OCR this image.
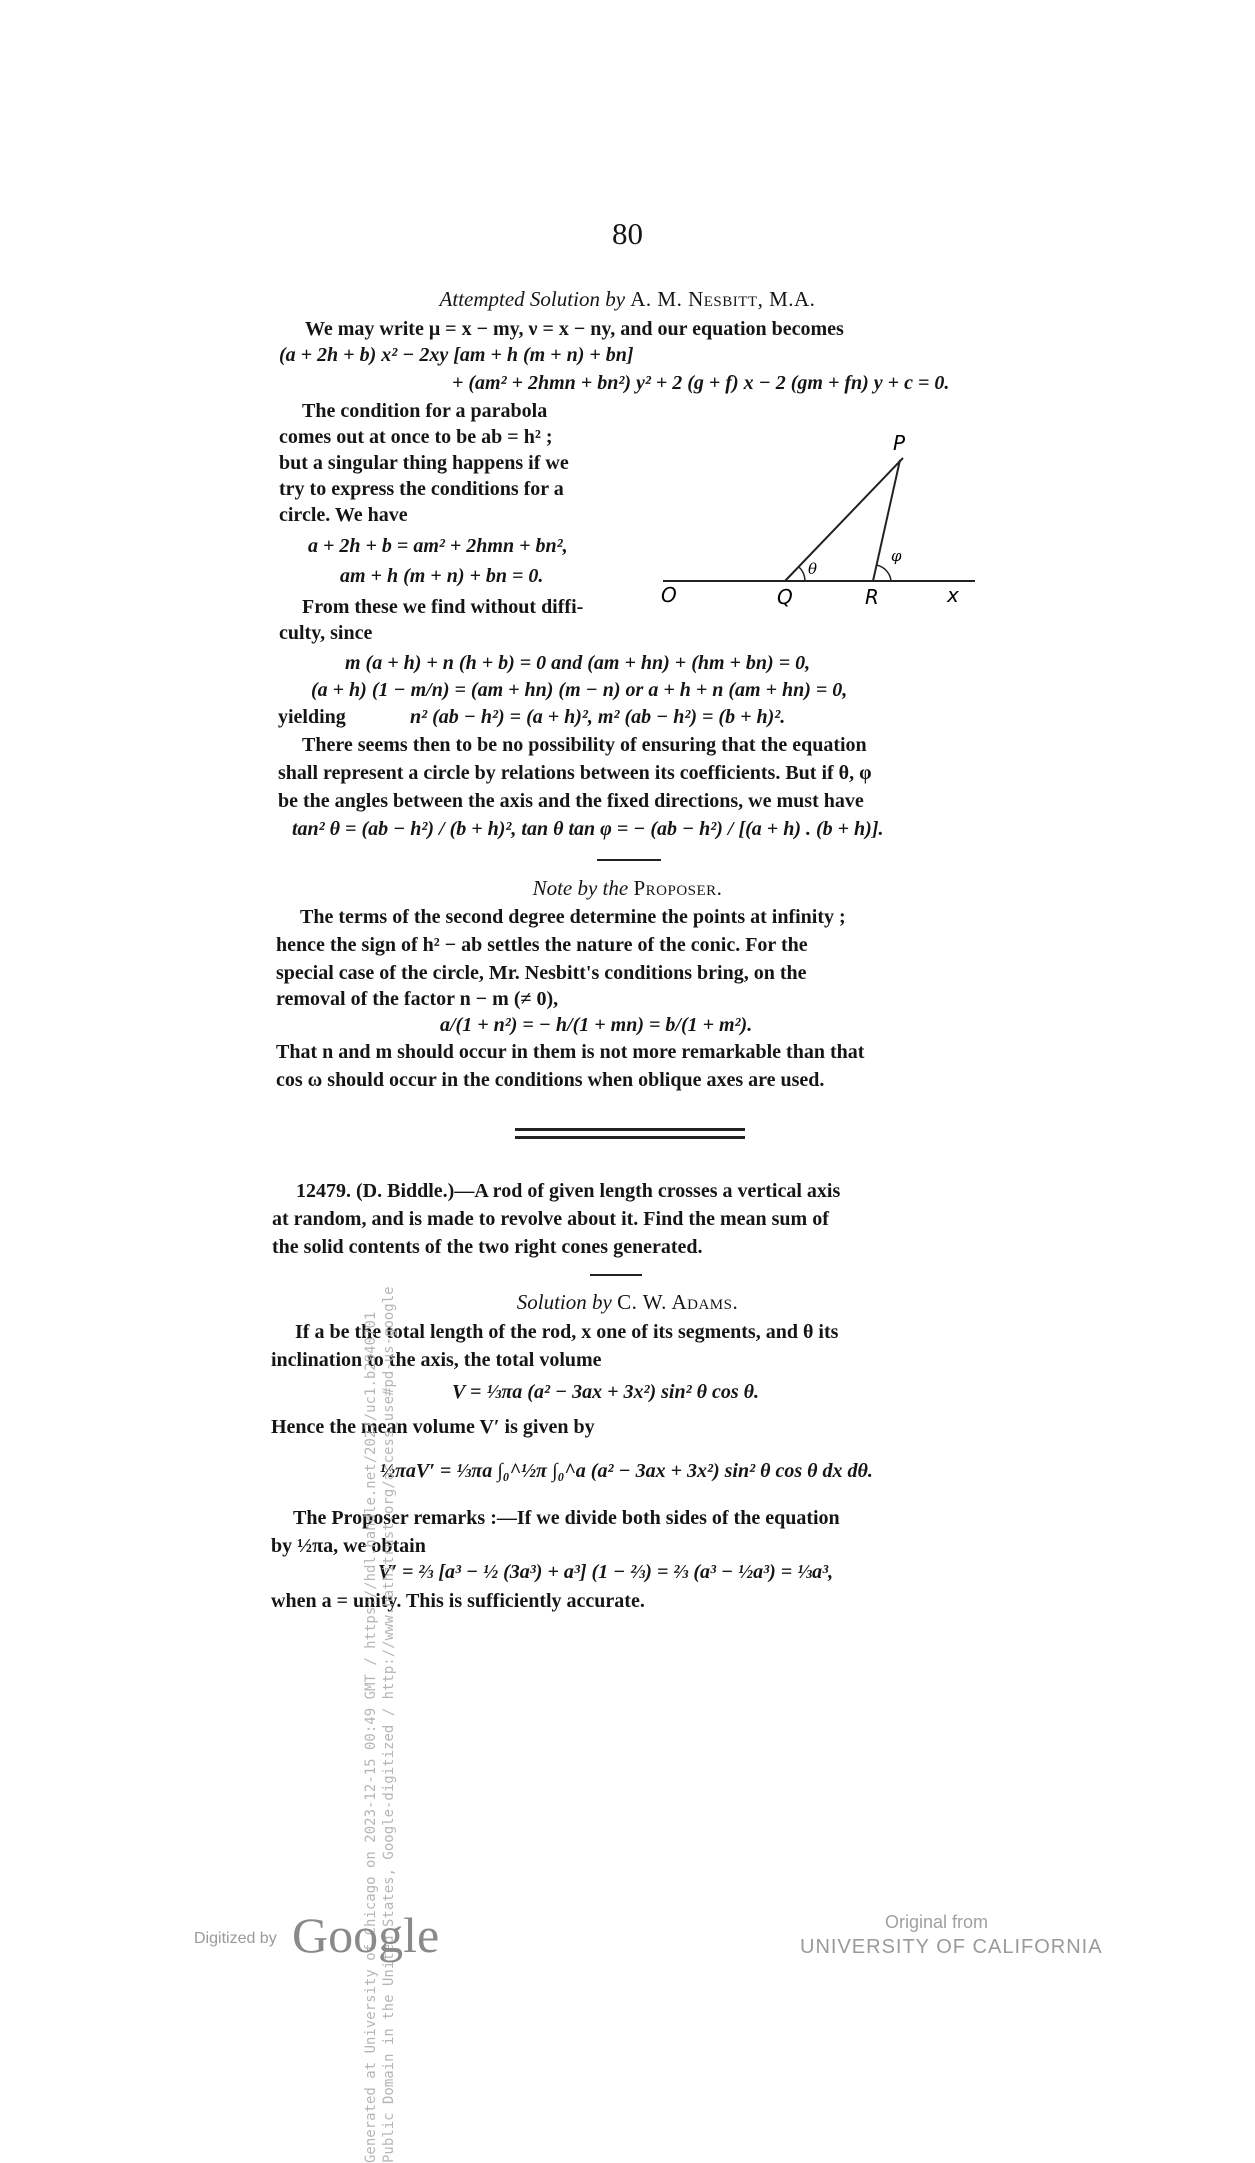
80
Attempted Solution by A. M. Nesbitt, M.A.
We may write μ = x − my, ν = x − ny, and our equation becomes
(a + 2h + b) x² − 2xy [am + h (m + n) + bn]
+ (am² + 2hmn + bn²) y² + 2 (g + f) x − 2 (gm + fn) y + c = 0.
The condition for a parabola
comes out at once to be ab = h² ;
but a singular thing happens if we
try to express the conditions for a
circle. We have
a + 2h + b = am² + 2hmn + bn²,
am + h (m + n) + bn = 0.
From these we find without diffi-
culty, since
P
O	Q	R	x
θ
φ
m (a + h) + n (h + b) = 0 and (am + hn) + (hm + bn) = 0,
(a + h) (1 − m/n) = (am + hn) (m − n) or a + h + n (am + hn) = 0,
yielding	n² (ab − h²) = (a + h)², m² (ab − h²) = (b + h)².
There seems then to be no possibility of ensuring that the equation
shall represent a circle by relations between its coefficients. But if θ, φ
be the angles between the axis and the fixed directions, we must have
tan² θ = (ab − h²) / (b + h)², tan θ tan φ = − (ab − h²) / [(a + h) . (b + h)].
Note by the Proposer.
The terms of the second degree determine the points at infinity ;
hence the sign of h² − ab settles the nature of the conic. For the
special case of the circle, Mr. Nesbitt's conditions bring, on the
removal of the factor n − m (≠ 0),
a/(1 + n²) = − h/(1 + mn) = b/(1 + m²).
That n and m should occur in them is not more remarkable than that
cos ω should occur in the conditions when oblique axes are used.
12479. (D. Biddle.)—A rod of given length crosses a vertical axis
at random, and is made to revolve about it. Find the mean sum of
the solid contents of the two right cones generated.
Solution by C. W. Adams.
If a be the total length of the rod, x one of its segments, and θ its
inclination to the axis, the total volume
V = ⅓πa (a² − 3ax + 3x²) sin² θ cos θ.
Hence the mean volume V′ is given by
½πaV′ = ⅓πa ∫₀^½π ∫₀^a (a² − 3ax + 3x²) sin² θ cos θ dx dθ.
The Proposer remarks :—If we divide both sides of the equation
by ½πa, we obtain
V′ = ⅔ [a³ − ½ (3a³) + a³] (1 − ⅔) = ⅔ (a³ − ½a³) = ⅓a³,
when a = unity. This is sufficiently accurate.
Generated at University of Chicago on 2023-12-15 00:49 GMT / https://hdl.handle.net/2027/uc1.b2940701 Public Domain in the United States, Google-digitized / http://www.hathitrust.org/access_use#pd-us-google
Digitized by Google	Original from
UNIVERSITY OF CALIFORNIA
